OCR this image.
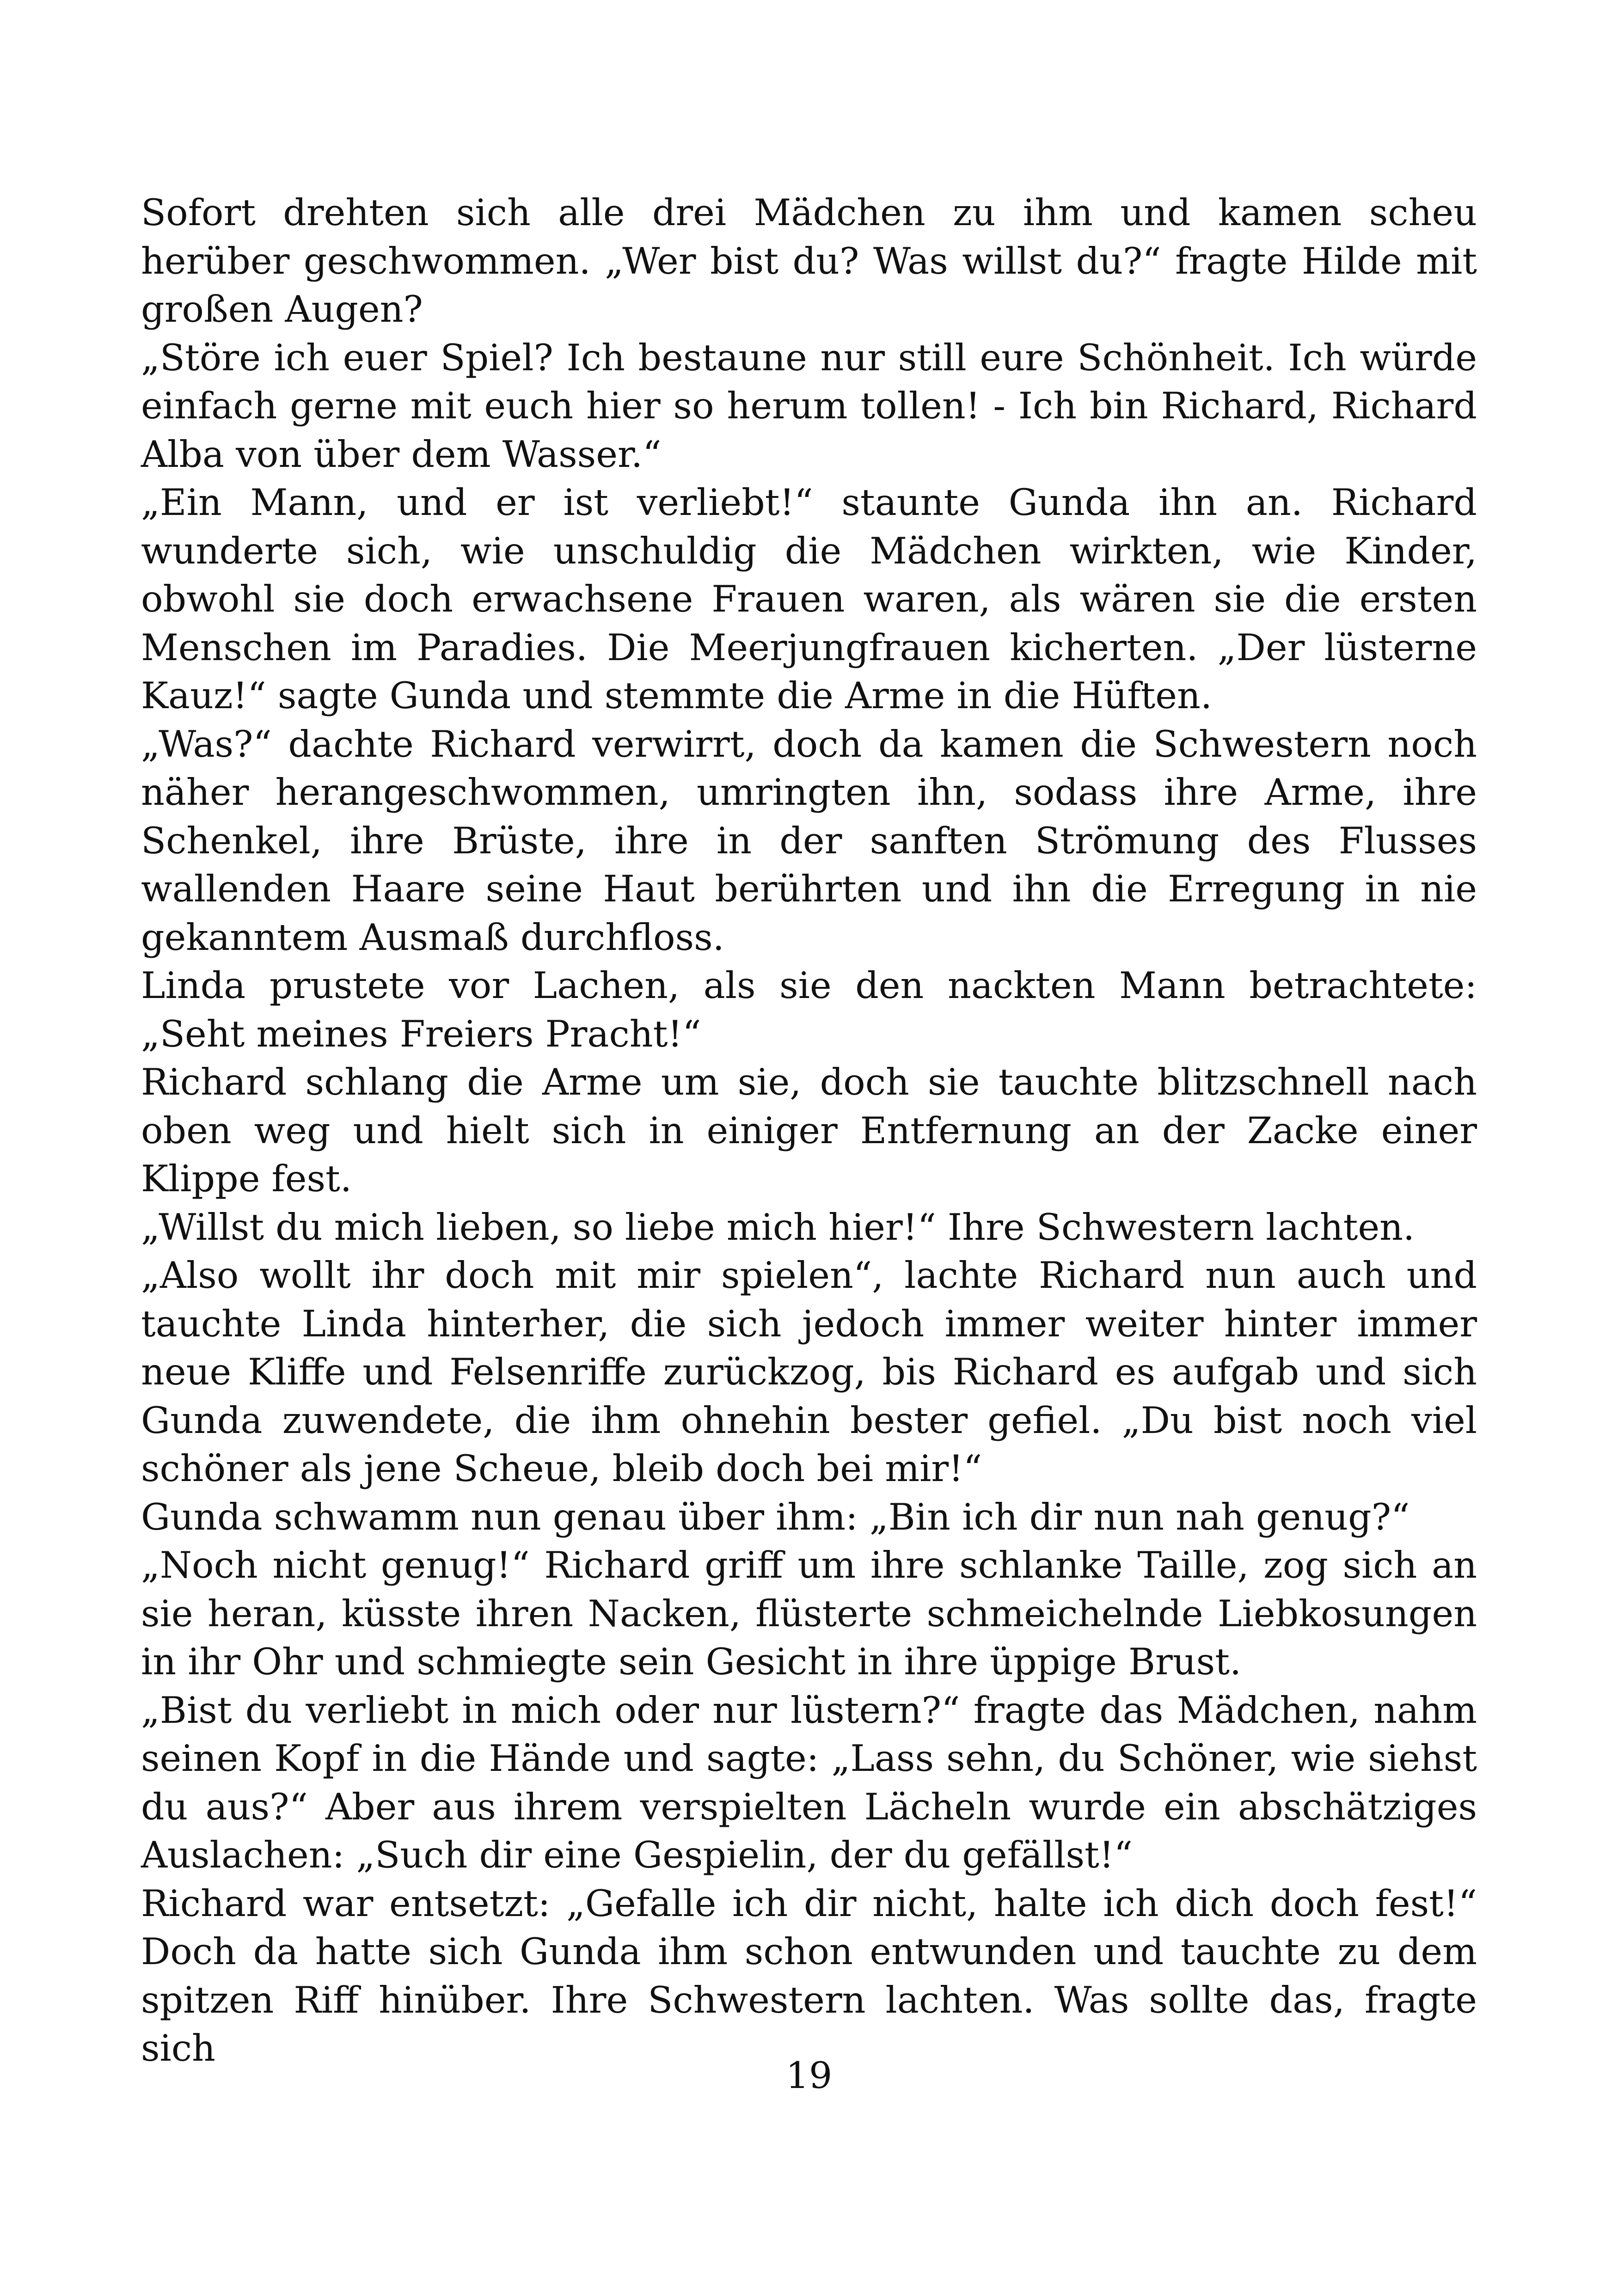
Sofort drehten sich alle drei Mädchen zu ihm und kamen scheu herüber geschwommen. „Wer bist du? Was willst du?“ fragte Hilde mit großen Augen?

„Störe ich euer Spiel? Ich bestaune nur still eure Schönheit. Ich würde einfach gerne mit euch hier so herum tollen! - Ich bin Richard, Richard Alba von über dem Wasser.“

„Ein Mann, und er ist verliebt!“ staunte Gunda ihn an. Richard wunderte sich, wie unschuldig die Mädchen wirkten, wie Kinder, obwohl sie doch erwachsene Frauen waren, als wären sie die ersten Menschen im Paradies. Die Meerjungfrauen kicherten. „Der lüsterne Kauz!“ sagte Gunda und stemmte die Arme in die Hüften.

„Was?“ dachte Richard verwirrt, doch da kamen die Schwestern noch näher herangeschwommen, umringten ihn, sodass ihre Arme, ihre Schenkel, ihre Brüste, ihre in der sanften Strömung des Flusses wallenden Haare seine Haut berührten und ihn die Erregung in nie gekanntem Ausmaß durchfloss.

Linda prustete vor Lachen, als sie den nackten Mann betrachtete: „Seht meines Freiers Pracht!“

Richard schlang die Arme um sie, doch sie tauchte blitzschnell nach oben weg und hielt sich in einiger Entfernung an der Zacke einer Klippe fest.

„Willst du mich lieben, so liebe mich hier!“ Ihre Schwestern lachten.

„Also wollt ihr doch mit mir spielen“, lachte Richard nun auch und tauchte Linda hinterher, die sich jedoch immer weiter hinter immer neue Kliffe und Felsenriffe zurückzog, bis Richard es aufgab und sich Gunda zuwendete, die ihm ohnehin bester gefiel. „Du bist noch viel schöner als jene Scheue, bleib doch bei mir!“

Gunda schwamm nun genau über ihm: „Bin ich dir nun nah genug?“

„Noch nicht genug!“ Richard griff um ihre schlanke Taille, zog sich an sie heran, küsste ihren Nacken, flüsterte schmeichelnde Liebkosungen in ihr Ohr und schmiegte sein Gesicht in ihre üppige Brust.

„Bist du verliebt in mich oder nur lüstern?“ fragte das Mädchen, nahm seinen Kopf in die Hände und sagte: „Lass sehn, du Schöner, wie siehst du aus?“ Aber aus ihrem verspielten Lächeln wurde ein abschätziges Auslachen: „Such dir eine Gespielin, der du gefällst!“

Richard war entsetzt: „Gefalle ich dir nicht, halte ich dich doch fest!“ Doch da hatte sich Gunda ihm schon entwunden und tauchte zu dem spitzen Riff hinüber. Ihre Schwestern lachten. Was sollte das, fragte sich

19
